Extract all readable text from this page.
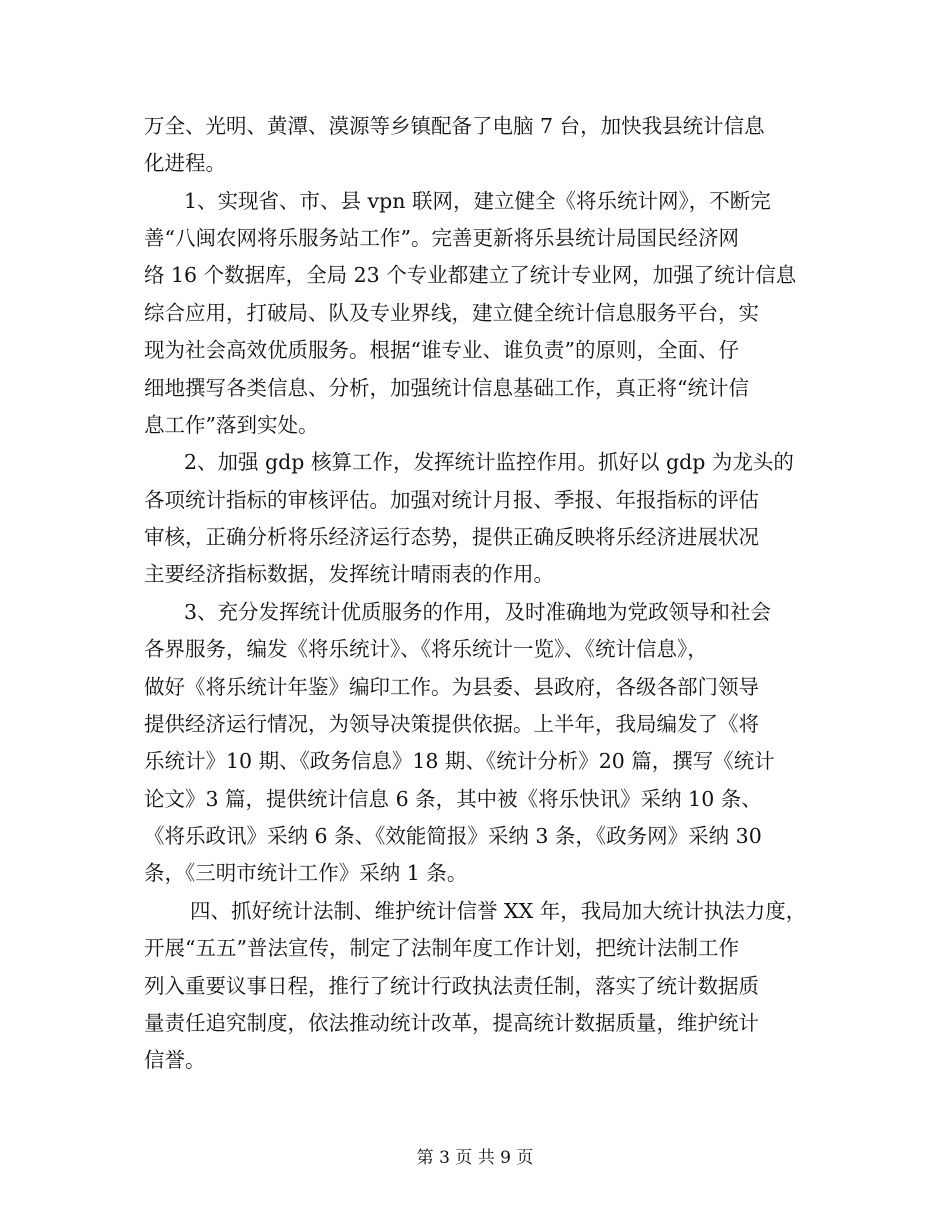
万全、光明、黄潭、漠源等乡镇配备了电脑 7 台，加快我县统计信息
化进程。
1、实现省、市、县 vpn 联网，建立健全《将乐统计网》，不断完
善“八闽农网将乐服务站工作”。完善更新将乐县统计局国民经济网
络 16 个数据库，全局 23 个专业都建立了统计专业网，加强了统计信息
综合应用，打破局、队及专业界线，建立健全统计信息服务平台，实
现为社会高效优质服务。根据“谁专业、谁负责”的原则，全面、仔
细地撰写各类信息、分析，加强统计信息基础工作，真正将“统计信
息工作”落到实处。
2、加强 gdp 核算工作，发挥统计监控作用。抓好以 gdp 为龙头的
各项统计指标的审核评估。加强对统计月报、季报、年报指标的评估
审核，正确分析将乐经济运行态势，提供正确反映将乐经济进展状况
主要经济指标数据，发挥统计晴雨表的作用。
3、充分发挥统计优质服务的作用，及时准确地为党政领导和社会
各界服务，编发《将乐统计》、《将乐统计一览》、《统计信息》，
做好《将乐统计年鉴》编印工作。为县委、县政府，各级各部门领导
提供经济运行情况，为领导决策提供依据。上半年，我局编发了《将
乐统计》10 期、《政务信息》18 期、《统计分析》20 篇，撰写《统计
论文》3 篇，提供统计信息 6 条，其中被《将乐快讯》采纳 10 条、
《将乐政讯》采纳 6 条、《效能简报》采纳 3 条，《政务网》采纳 30
条，《三明市统计工作》采纳 1 条。
四、抓好统计法制、维护统计信誉 XX 年，我局加大统计执法力度，
开展“五五”普法宣传，制定了法制年度工作计划，把统计法制工作
列入重要议事日程，推行了统计行政执法责任制，落实了统计数据质
量责任追究制度，依法推动统计改革，提高统计数据质量，维护统计
信誉。
第 3 页 共 9 页
